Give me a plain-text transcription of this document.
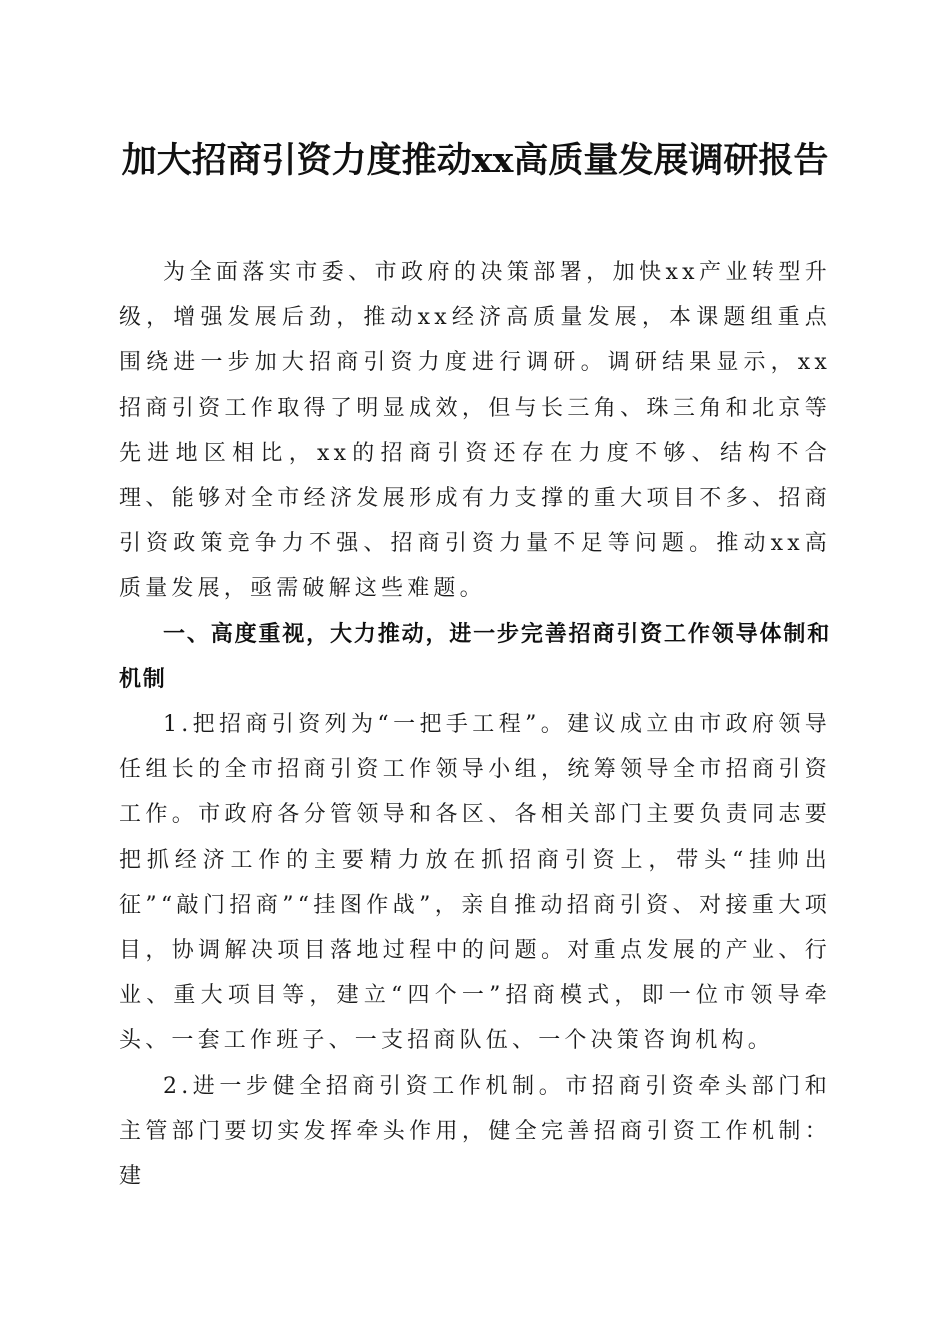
加大招商引资力度推动xx高质量发展调研报告

为全面落实市委、市政府的决策部署，加快xx产业转型升级，增强发展后劲，推动xx经济高质量发展，本课题组重点围绕进一步加大招商引资力度进行调研。调研结果显示，xx招商引资工作取得了明显成效，但与长三角、珠三角和北京等先进地区相比，xx的招商引资还存在力度不够、结构不合理、能够对全市经济发展形成有力支撑的重大项目不多、招商引资政策竞争力不强、招商引资力量不足等问题。推动xx高质量发展，亟需破解这些难题。

一、高度重视，大力推动，进一步完善招商引资工作领导体制和机制

1.把招商引资列为“一把手工程”。建议成立由市政府领导任组长的全市招商引资工作领导小组，统筹领导全市招商引资工作。市政府各分管领导和各区、各相关部门主要负责同志要把抓经济工作的主要精力放在抓招商引资上，带头“挂帅出征”“敲门招商”“挂图作战”，亲自推动招商引资、对接重大项目，协调解决项目落地过程中的问题。对重点发展的产业、行业、重大项目等，建立“四个一”招商模式，即一位市领导牵头、一套工作班子、一支招商队伍、一个决策咨询机构。

2.进一步健全招商引资工作机制。市招商引资牵头部门和主管部门要切实发挥牵头作用，健全完善招商引资工作机制：建
